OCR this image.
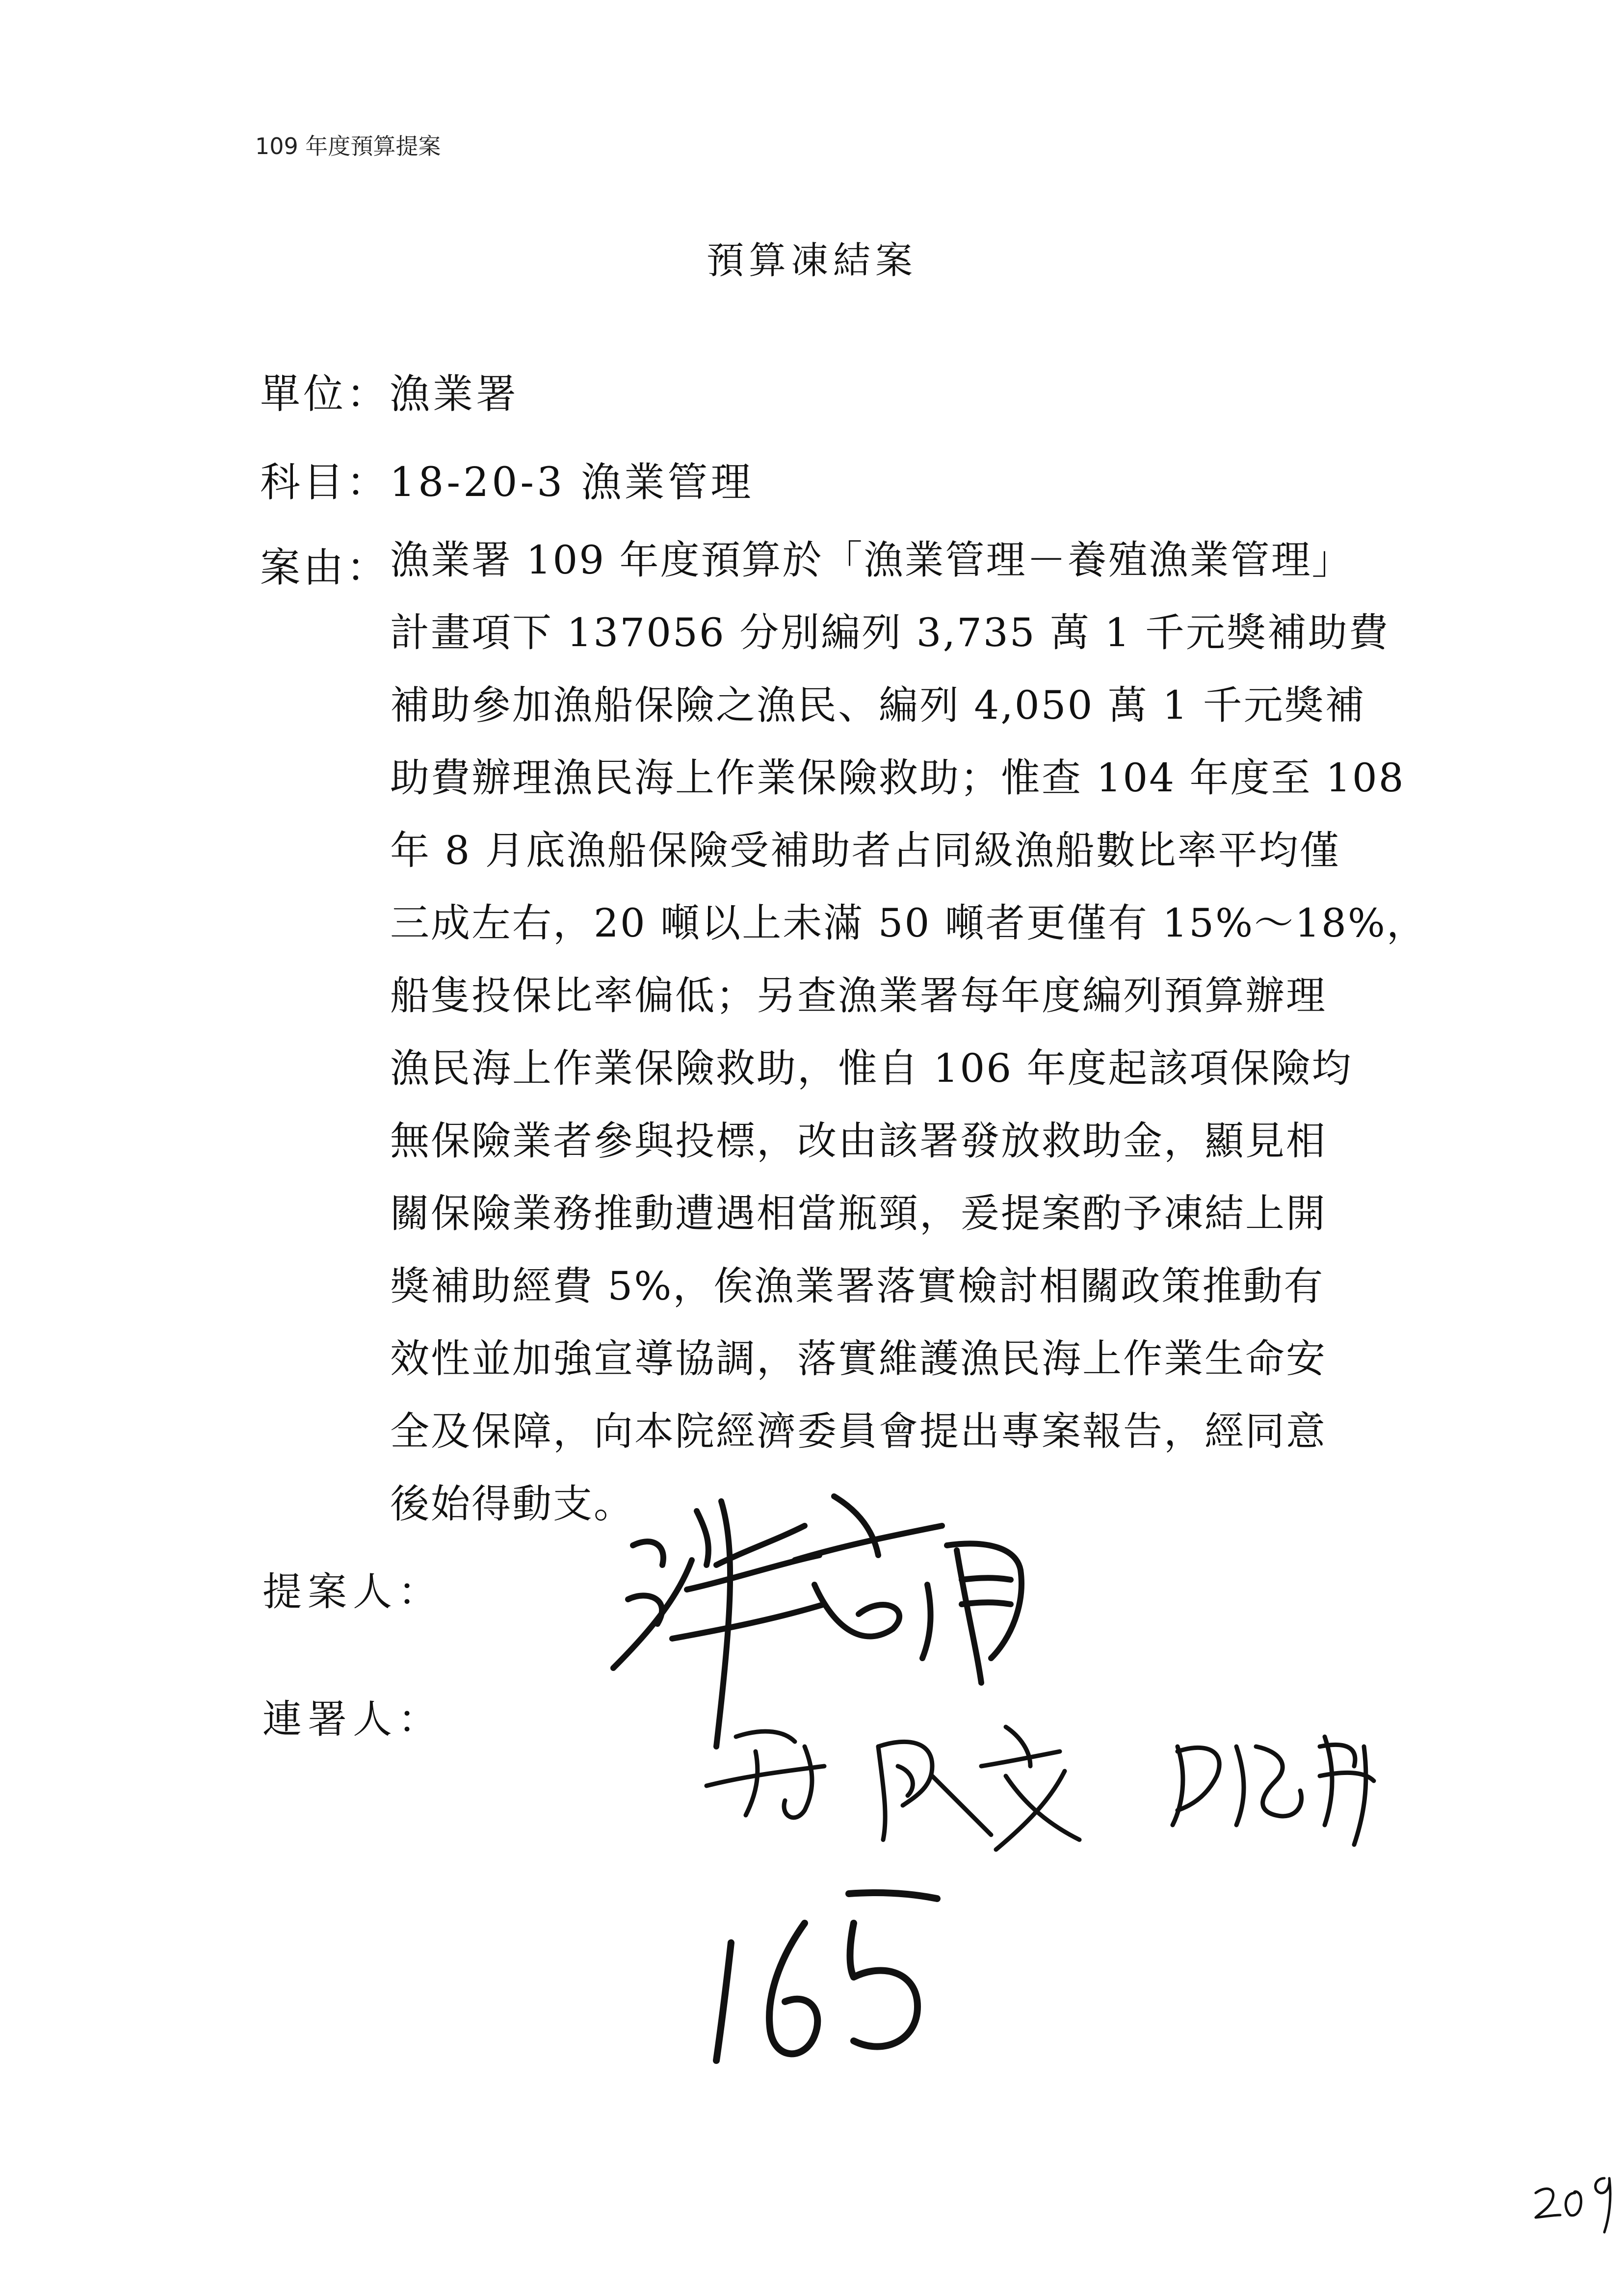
109 年度預算提案
預算凍結案
單位：漁業署
科目：18-20-3 漁業管理
案由： 漁業署 109 年度預算於「漁業管理－養殖漁業管理」
計畫項下 137056 分別編列 3,735 萬 1 千元獎補助費
補助參加漁船保險之漁民、編列 4,050 萬 1 千元獎補
助費辦理漁民海上作業保險救助；惟查 104 年度至 108
年 8 月底漁船保險受補助者占同級漁船數比率平均僅
三成左右，20 噸以上未滿 50 噸者更僅有 15%～18%，
船隻投保比率偏低；另查漁業署每年度編列預算辦理
漁民海上作業保險救助，惟自 106 年度起該項保險均
無保險業者參與投標，改由該署發放救助金，顯見相
關保險業務推動遭遇相當瓶頸，爰提案酌予凍結上開
獎補助經費 5%，俟漁業署落實檢討相關政策推動有
效性並加強宣導協調，落實維護漁民海上作業生命安
全及保障，向本院經濟委員會提出專案報告，經同意
後始得動支。
提案人：
連署人：
